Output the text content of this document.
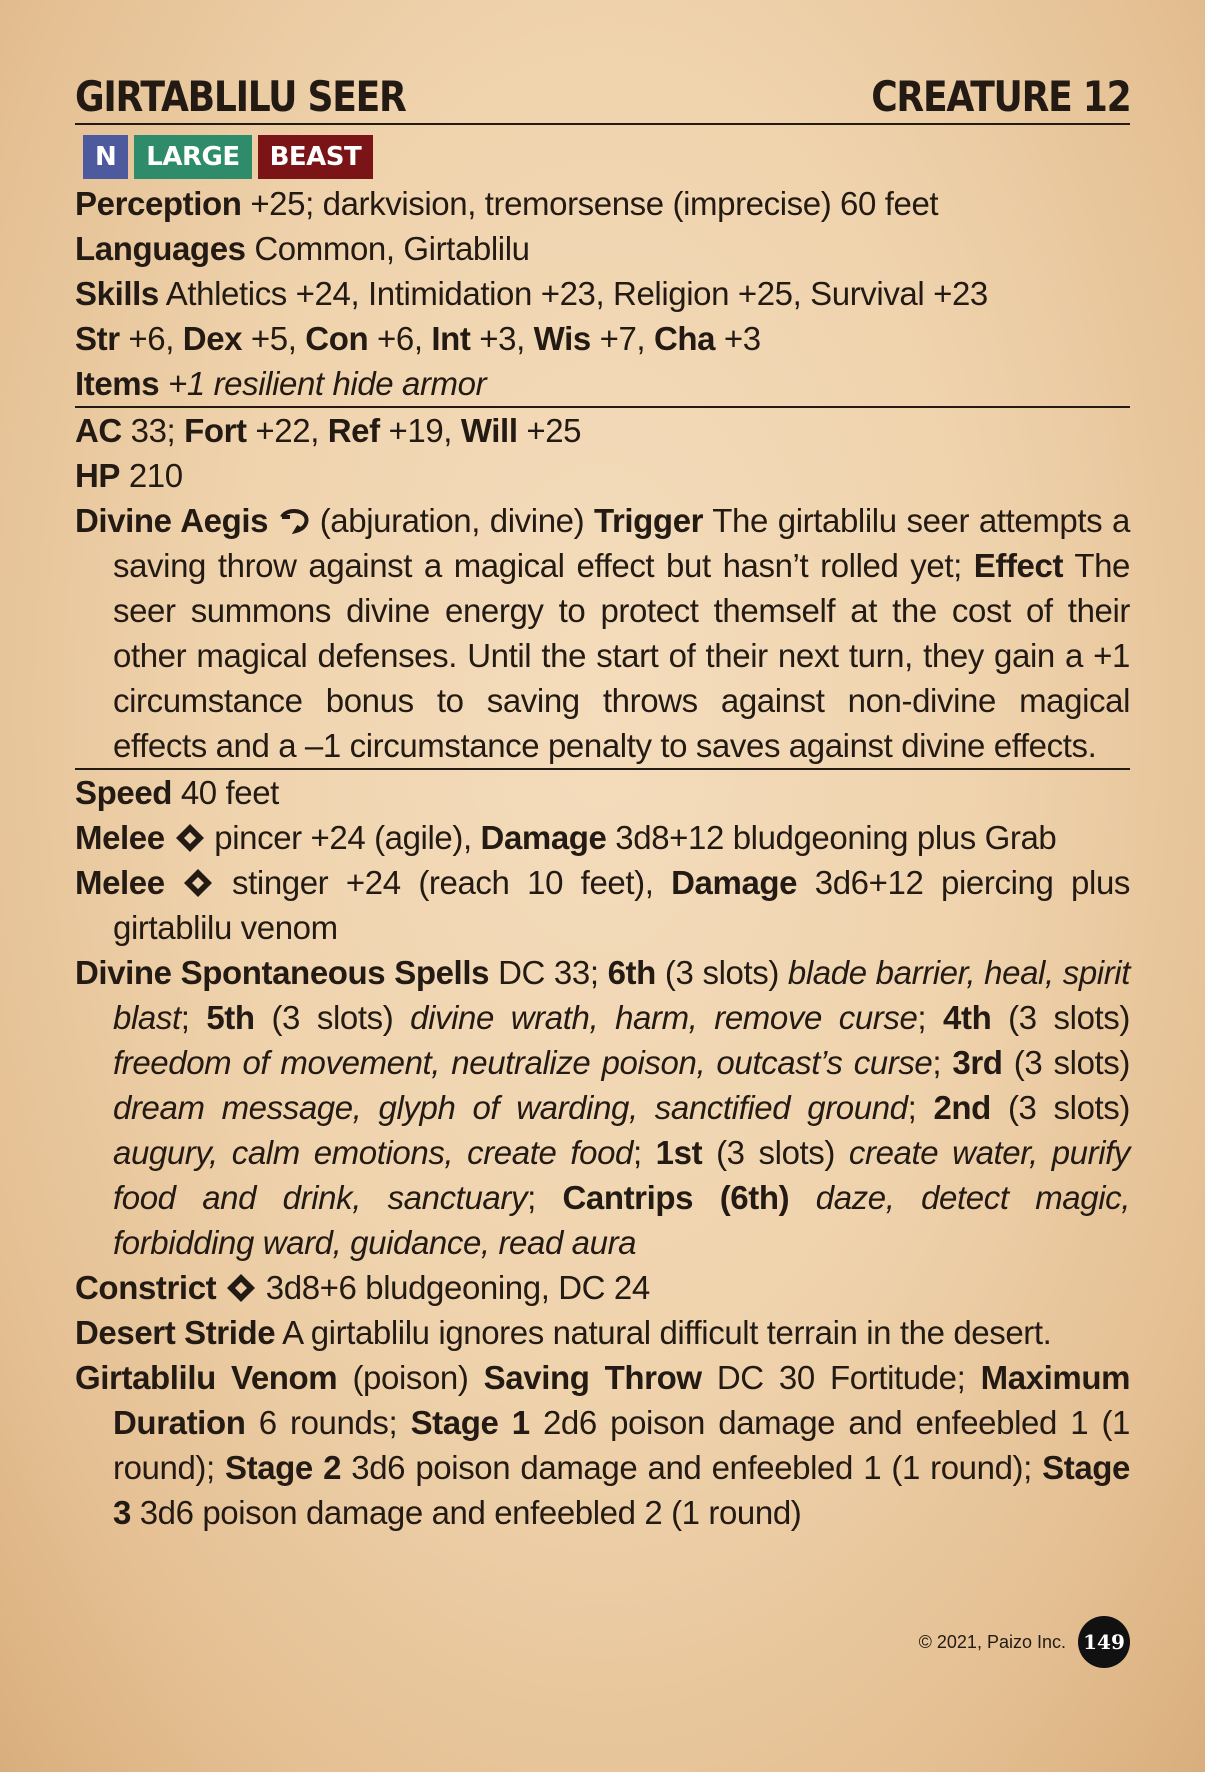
GIRTABLILU SEER	CREATURE 12
N	LARGE	BEAST
Perception +25; darkvision, tremorsense (imprecise) 60 feet
Languages Common, Girtablilu
Skills Athletics +24, Intimidation +23, Religion +25, Survival +23
Str +6, Dex +5, Con +6, Int +3, Wis +7, Cha +3
Items +1 resilient hide armor
AC 33; Fort +22, Ref +19, Will +25
HP 210
Divine Aegis  (abjuration, divine) Trigger The girtablilu seer attempts a saving throw against a magical effect but hasn’t rolled yet; Effect The seer summons divine energy to protect themself at the cost of their other magical defenses. Until the start of their next turn, they gain a +1 circumstance bonus to saving throws against non-divine magical effects and a –1 circumstance penalty to saves against divine effects.
Speed 40 feet
Melee  pincer +24 (agile), Damage 3d8+12 bludgeoning plus Grab
Melee  stinger +24 (reach 10 feet), Damage 3d6+12 piercing plus girtablilu venom
Divine Spontaneous Spells DC 33; 6th (3 slots) blade barrier, heal, spirit blast; 5th (3 slots) divine wrath, harm, remove curse; 4th (3 slots) freedom of movement, neutralize poison, outcast’s curse; 3rd (3 slots) dream message, glyph of warding, sanctified ground; 2nd (3 slots) augury, calm emotions, create food; 1st (3 slots) create water, purify food and drink, sanctuary; Cantrips (6th) daze, detect magic, forbidding ward, guidance, read aura
Constrict  3d8+6 bludgeoning, DC 24
Desert Stride A girtablilu ignores natural difficult terrain in the desert.
Girtablilu Venom (poison) Saving Throw DC 30 Fortitude; Maximum Duration 6 rounds; Stage 1 2d6 poison damage and enfeebled 1 (1 round); Stage 2 3d6 poison damage and enfeebled 1 (1 round); Stage 3 3d6 poison damage and enfeebled 2 (1 round)
© 2021, Paizo Inc. 149
